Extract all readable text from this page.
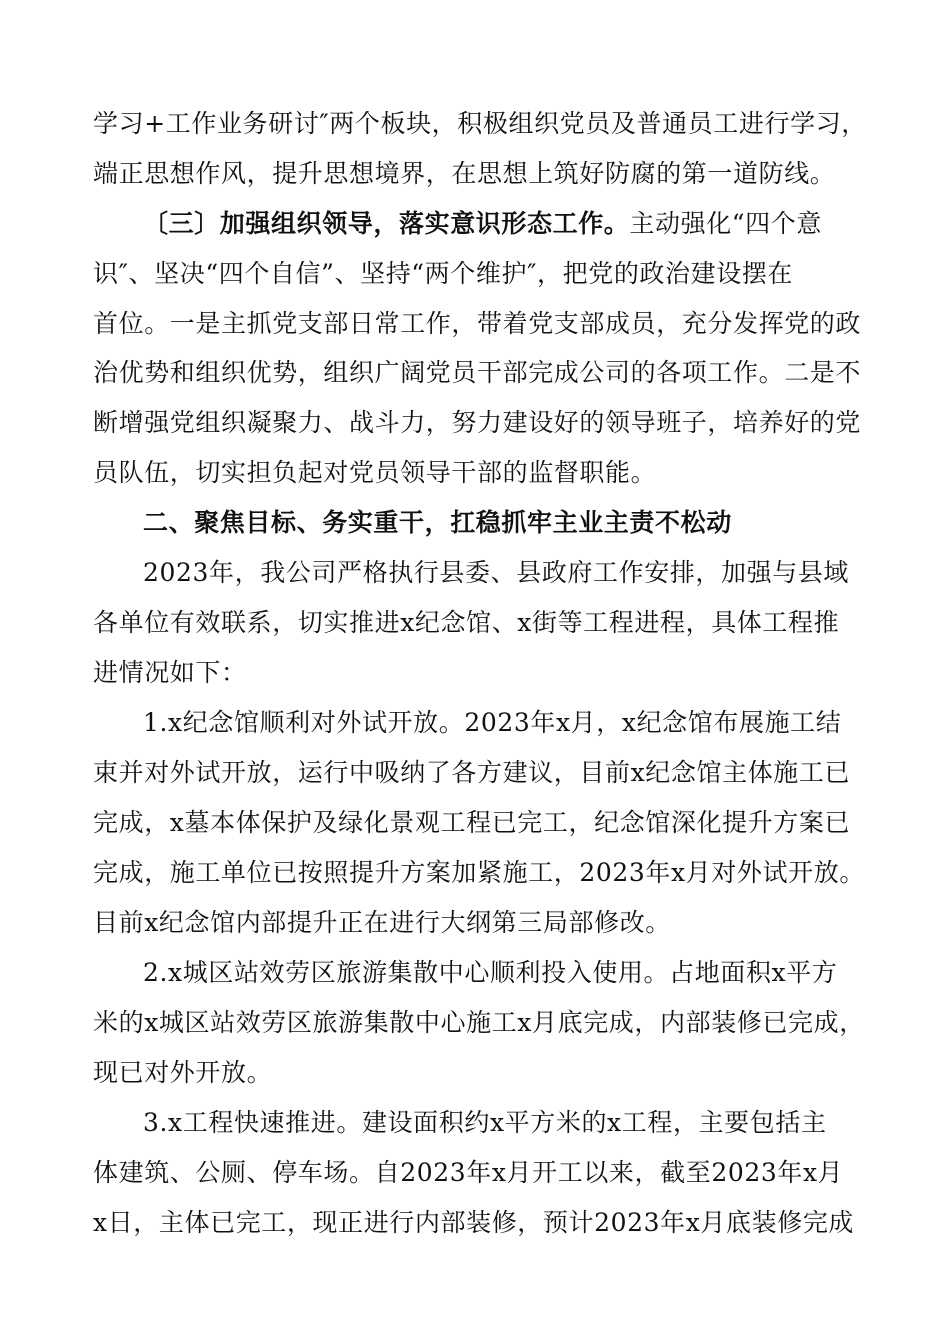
学习+工作业务研讨″两个板块，积极组织党员及普通员工进行学习，
端正思想作风，提升思想境界，在思想上筑好防腐的第一道防线。
〔三〕加强组织领导，落实意识形态工作。主动强化“四个意
识″、坚决“四个自信”、坚持“两个维护″，把党的政治建设摆在
首位。一是主抓党支部日常工作，带着党支部成员，充分发挥党的政
治优势和组织优势，组织广阔党员干部完成公司的各项工作。二是不
断增强党组织凝聚力、战斗力，努力建设好的领导班子，培养好的党
员队伍，切实担负起对党员领导干部的监督职能。
二、聚焦目标、务实重干，扛稳抓牢主业主责不松动
2023年，我公司严格执行县委、县政府工作安排，加强与县域
各单位有效联系，切实推进x纪念馆、x街等工程进程，具体工程推
进情况如下：
1.x纪念馆顺利对外试开放。2023年x月，x纪念馆布展施工结
束并对外试开放，运行中吸纳了各方建议，目前x纪念馆主体施工已
完成，x墓本体保护及绿化景观工程已完工，纪念馆深化提升方案已
完成，施工单位已按照提升方案加紧施工，2023年x月对外试开放。
目前x纪念馆内部提升正在进行大纲第三局部修改。
2.x城区站效劳区旅游集散中心顺利投入使用。占地面积x平方
米的x城区站效劳区旅游集散中心施工x月底完成，内部装修已完成，
现已对外开放。
3.x工程快速推进。建设面积约x平方米的x工程，主要包括主
体建筑、公厕、停车场。自2023年x月开工以来，截至2023年x月
x日，主体已完工，现正进行内部装修，预计2023年x月底装修完成
